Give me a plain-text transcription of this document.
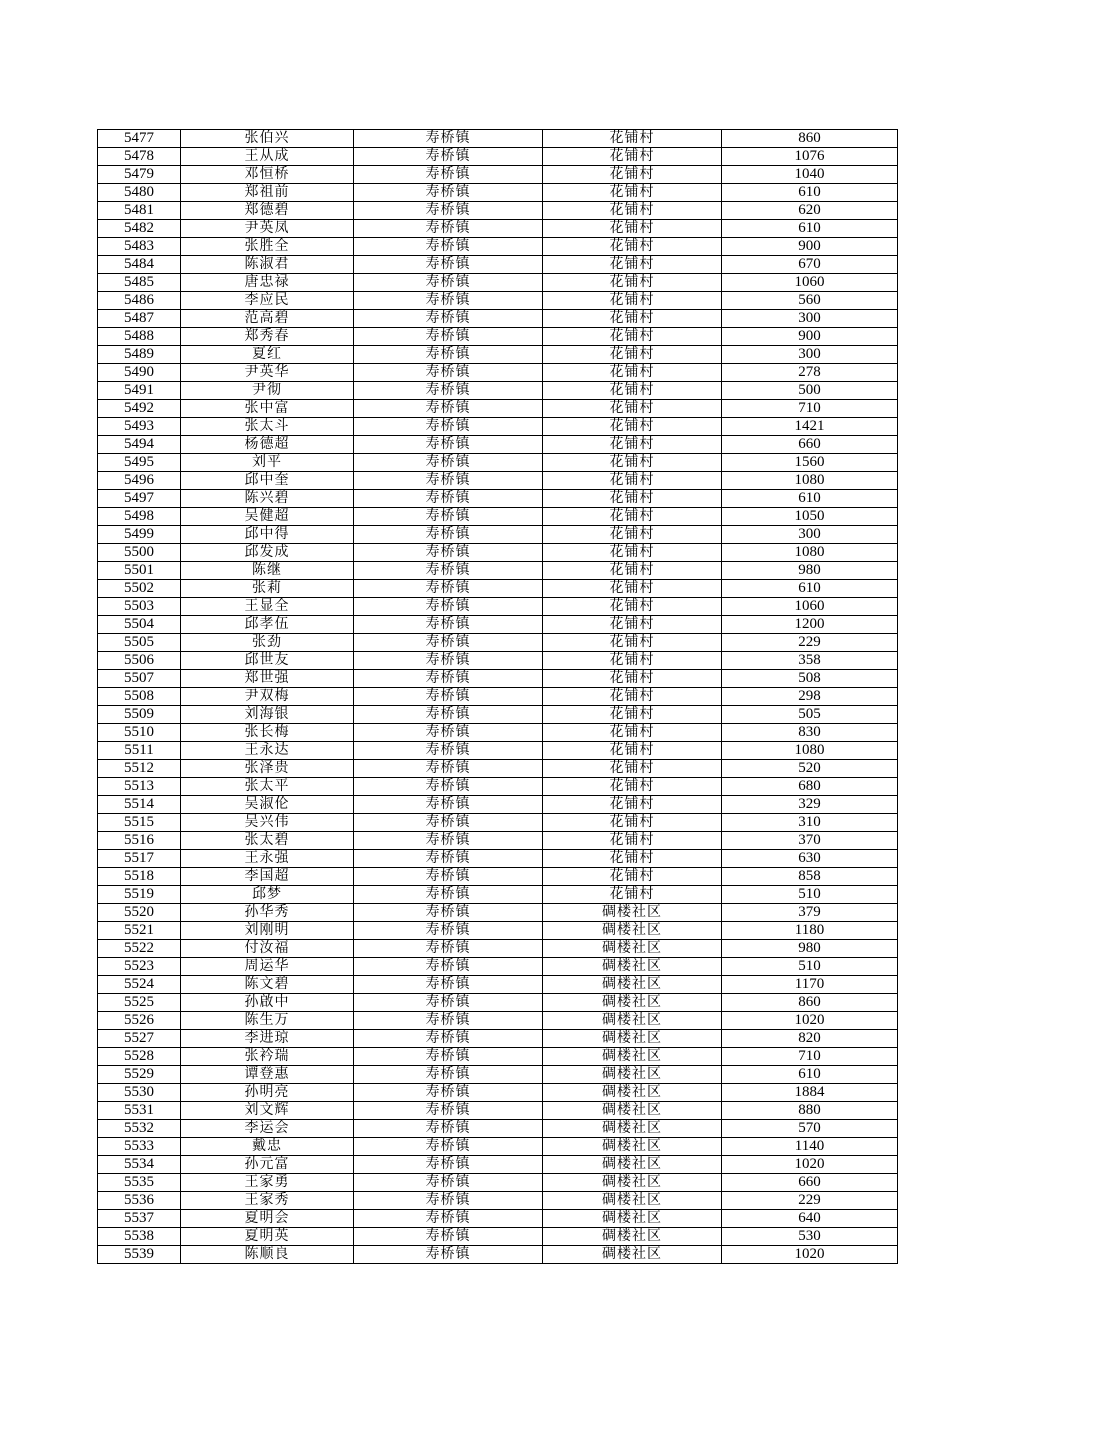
5477	张伯兴	寿桥镇	花铺村	860
5478	王从成	寿桥镇	花铺村	1076
5479	邓恒桥	寿桥镇	花铺村	1040
5480	郑祖前	寿桥镇	花铺村	610
5481	郑德碧	寿桥镇	花铺村	620
5482	尹英凤	寿桥镇	花铺村	610
5483	张胜全	寿桥镇	花铺村	900
5484	陈淑君	寿桥镇	花铺村	670
5485	唐忠禄	寿桥镇	花铺村	1060
5486	李应民	寿桥镇	花铺村	560
5487	范高碧	寿桥镇	花铺村	300
5488	郑秀春	寿桥镇	花铺村	900
5489	夏红	寿桥镇	花铺村	300
5490	尹英华	寿桥镇	花铺村	278
5491	尹彻	寿桥镇	花铺村	500
5492	张中富	寿桥镇	花铺村	710
5493	张太斗	寿桥镇	花铺村	1421
5494	杨德超	寿桥镇	花铺村	660
5495	刘平	寿桥镇	花铺村	1560
5496	邱中奎	寿桥镇	花铺村	1080
5497	陈兴碧	寿桥镇	花铺村	610
5498	吴健超	寿桥镇	花铺村	1050
5499	邱中得	寿桥镇	花铺村	300
5500	邱发成	寿桥镇	花铺村	1080
5501	陈继	寿桥镇	花铺村	980
5502	张莉	寿桥镇	花铺村	610
5503	王显全	寿桥镇	花铺村	1060
5504	邱孝伍	寿桥镇	花铺村	1200
5505	张劲	寿桥镇	花铺村	229
5506	邱世友	寿桥镇	花铺村	358
5507	郑世强	寿桥镇	花铺村	508
5508	尹双梅	寿桥镇	花铺村	298
5509	刘海银	寿桥镇	花铺村	505
5510	张长梅	寿桥镇	花铺村	830
5511	王永达	寿桥镇	花铺村	1080
5512	张泽贵	寿桥镇	花铺村	520
5513	张太平	寿桥镇	花铺村	680
5514	吴淑伦	寿桥镇	花铺村	329
5515	吴兴伟	寿桥镇	花铺村	310
5516	张太碧	寿桥镇	花铺村	370
5517	王永强	寿桥镇	花铺村	630
5518	李国超	寿桥镇	花铺村	858
5519	邱梦	寿桥镇	花铺村	510
5520	孙华秀	寿桥镇	碉楼社区	379
5521	刘刚明	寿桥镇	碉楼社区	1180
5522	付汝福	寿桥镇	碉楼社区	980
5523	周运华	寿桥镇	碉楼社区	510
5524	陈文碧	寿桥镇	碉楼社区	1170
5525	孙啟中	寿桥镇	碉楼社区	860
5526	陈生万	寿桥镇	碉楼社区	1020
5527	李进琼	寿桥镇	碉楼社区	820
5528	张衿瑞	寿桥镇	碉楼社区	710
5529	谭登惠	寿桥镇	碉楼社区	610
5530	孙明亮	寿桥镇	碉楼社区	1884
5531	刘文辉	寿桥镇	碉楼社区	880
5532	李运会	寿桥镇	碉楼社区	570
5533	戴忠	寿桥镇	碉楼社区	1140
5534	孙元富	寿桥镇	碉楼社区	1020
5535	王家勇	寿桥镇	碉楼社区	660
5536	王家秀	寿桥镇	碉楼社区	229
5537	夏明会	寿桥镇	碉楼社区	640
5538	夏明英	寿桥镇	碉楼社区	530
5539	陈顺良	寿桥镇	碉楼社区	1020
